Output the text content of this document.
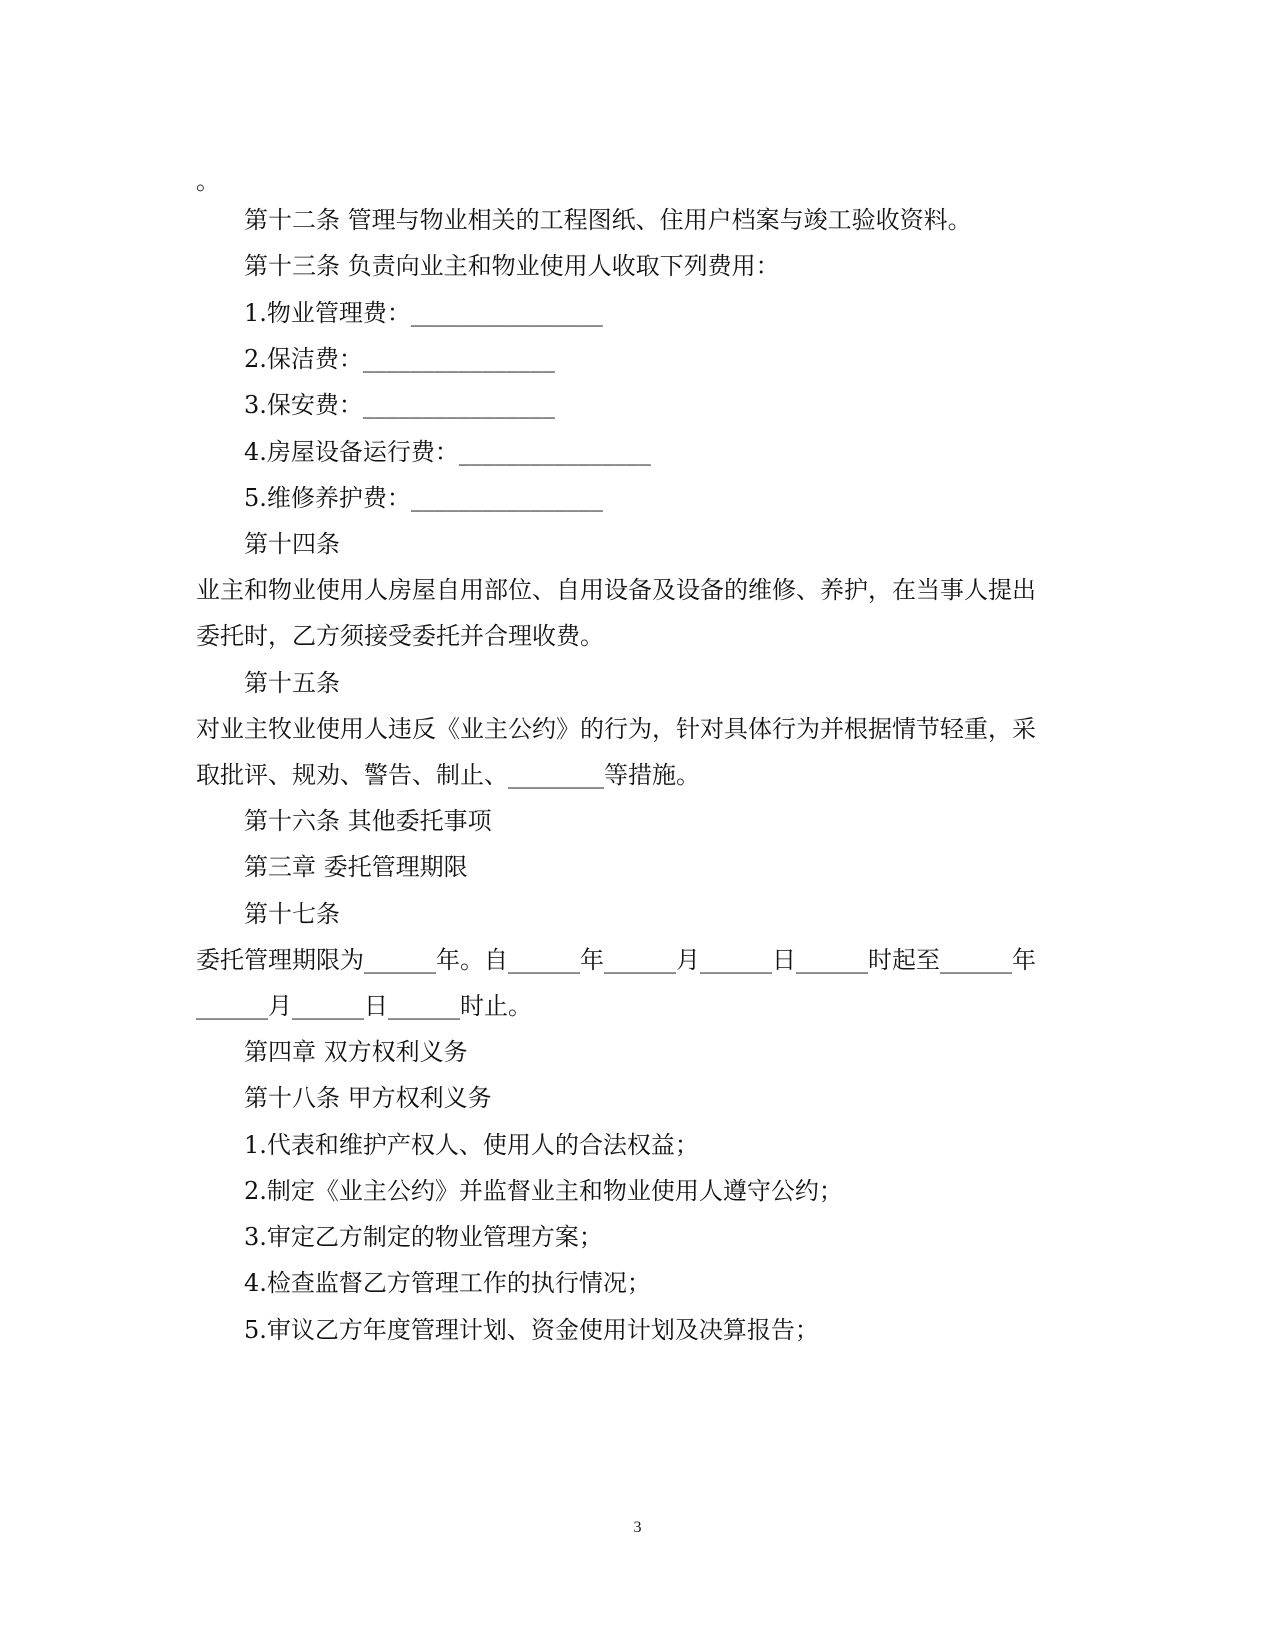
。
第十二条 管理与物业相关的工程图纸、住用户档案与竣工验收资料。
第十三条 负责向业主和物业使用人收取下列费用：
1.物业管理费：________________
2.保洁费：________________
3.保安费：________________
4.房屋设备运行费：________________
5.维修养护费：________________
第十四条
业主和物业使用人房屋自用部位、自用设备及设备的维修、养护，在当事人提出
委托时，乙方须接受委托并合理收费。
第十五条
对业主牧业使用人违反《业主公约》的行为，针对具体行为并根据情节轻重，采
取批评、规劝、警告、制止、________等措施。
第十六条 其他委托事项
第三章 委托管理期限
第十七条
委托管理期限为______年。自______年______月______日______时起至______年
______月______日______时止。
第四章 双方权利义务
第十八条 甲方权利义务
1.代表和维护产权人、使用人的合法权益；
2.制定《业主公约》并监督业主和物业使用人遵守公约；
3.审定乙方制定的物业管理方案；
4.检查监督乙方管理工作的执行情况；
5.审议乙方年度管理计划、资金使用计划及决算报告；
3
